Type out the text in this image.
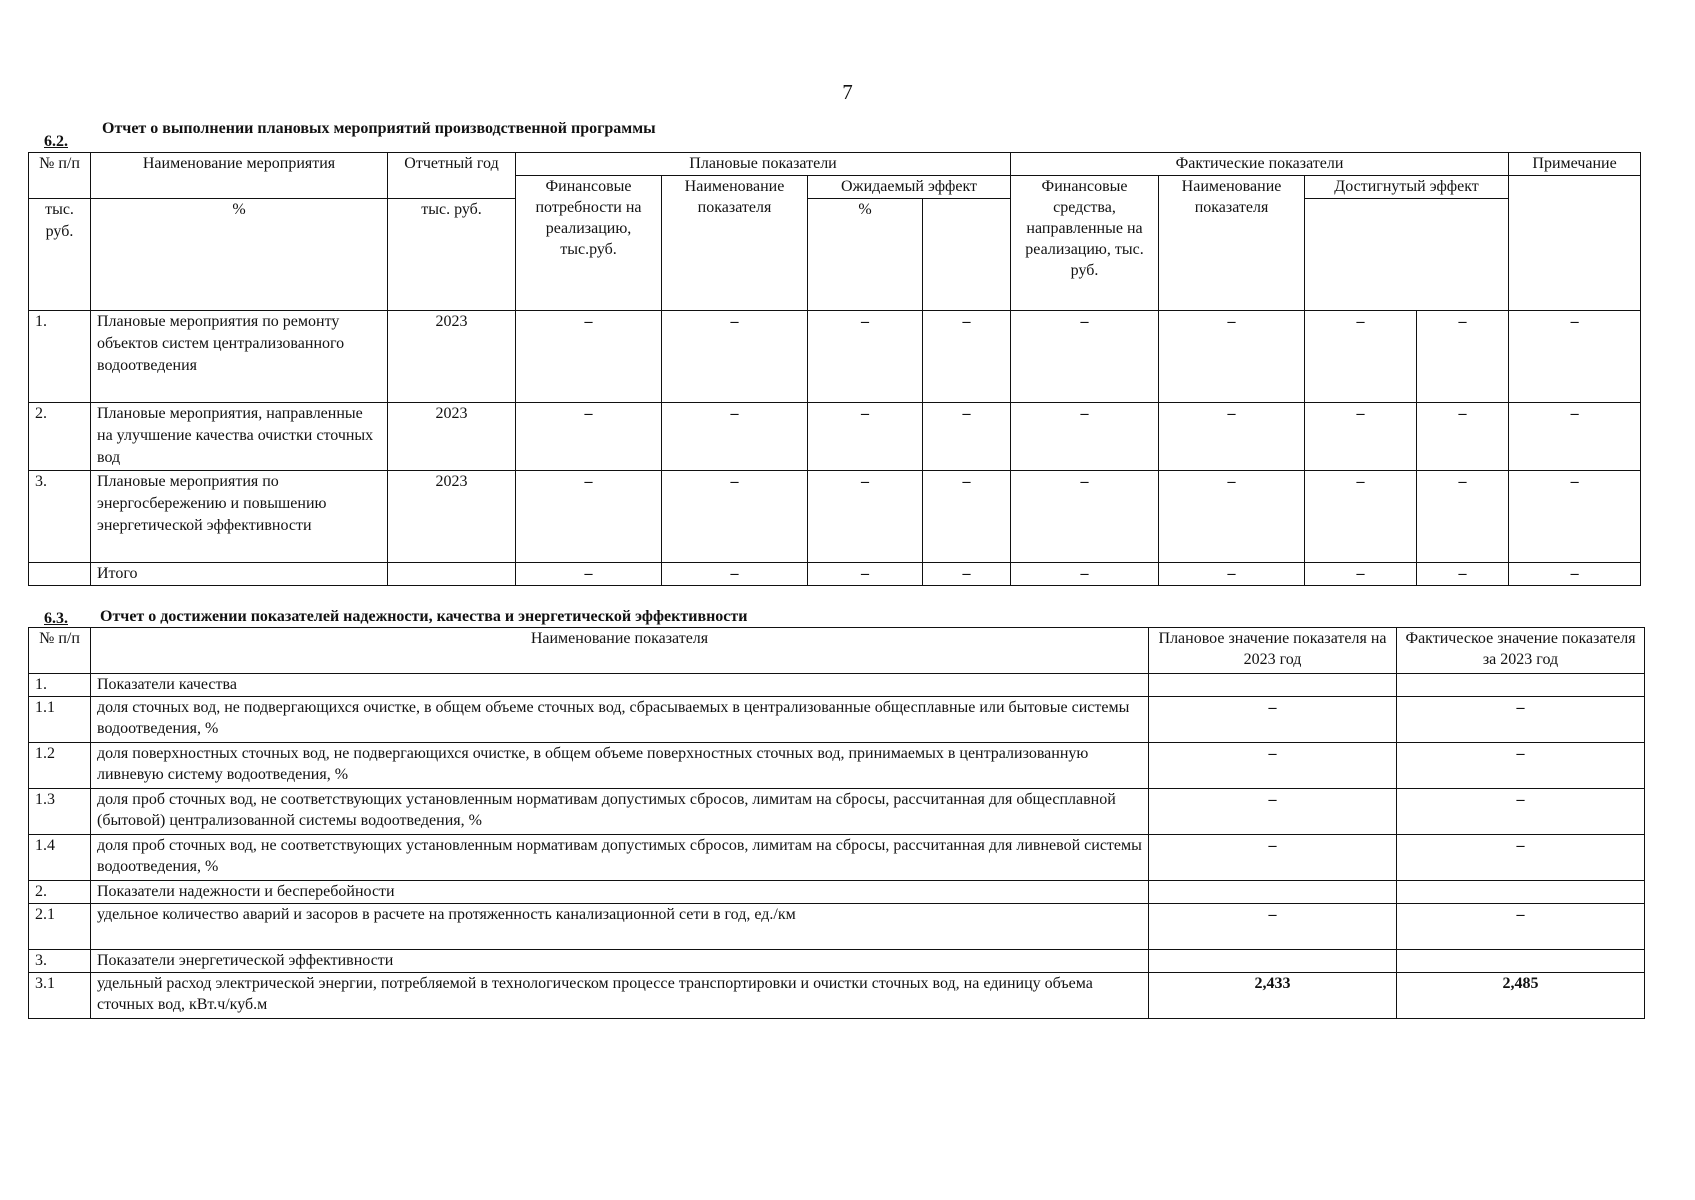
7
6.2.
Отчет о выполнении плановых мероприятий производственной программы
№ п/п	Наименование мероприятия	Отчетный год	Плановые показатели				Фактические показатели				Примечание
			Финансовые потребности на реализацию, тыс.руб.	Наименование показателя	Ожидаемый эффект		Финансовые средства, направленные на реализацию, тыс. руб.	Наименование показателя	Достигнутый эффект		
тыс. руб.	%	тыс. руб.			%						
1.	Плановые мероприятия по ремонту объектов систем централизованного водоотведения	2023	–	–	–	–	–	–	–	–	–
2.	Плановые мероприятия, направленные на улучшение качества очистки сточных вод	2023	–	–	–	–	–	–	–	–	–
3.	Плановые мероприятия по энергосбережению и повышению энергетической эффективности	2023	–	–	–	–	–	–	–	–	–
	Итого		–	–	–	–	–	–	–	–	–
6.3. Отчет о достижении показателей надежности, качества и энергетической эффективности
№ п/п	Наименование показателя	Плановое значение показателя на 2023 год	Фактическое значение показателя за 2023 год
1.	Показатели качества		
1.1	доля сточных вод, не подвергающихся очистке, в общем объеме сточных вод, сбрасываемых в централизованные общесплавные или бытовые системы водоотведения, %	–	–
1.2	доля поверхностных сточных вод, не подвергающихся очистке, в общем объеме поверхностных сточных вод, принимаемых в централизованную ливневую систему водоотведения, %	–	–
1.3	доля проб сточных вод, не соответствующих установленным нормативам допустимых сбросов, лимитам на сбросы, рассчитанная для общесплавной (бытовой) централизованной системы водоотведения, %	–	–
1.4	доля проб сточных вод, не соответствующих установленным нормативам допустимых сбросов, лимитам на сбросы, рассчитанная для ливневой системы водоотведения, %	–	–
2.	Показатели надежности и бесперебойности		
2.1	удельное количество аварий и засоров в расчете на протяженность канализационной сети в год, ед./км	–	–
3.	Показатели энергетической эффективности		
3.1	удельный расход электрической энергии, потребляемой в технологическом процессе транспортировки и очистки сточных вод, на единицу объема сточных вод, кВт.ч/куб.м	2,433	2,485
